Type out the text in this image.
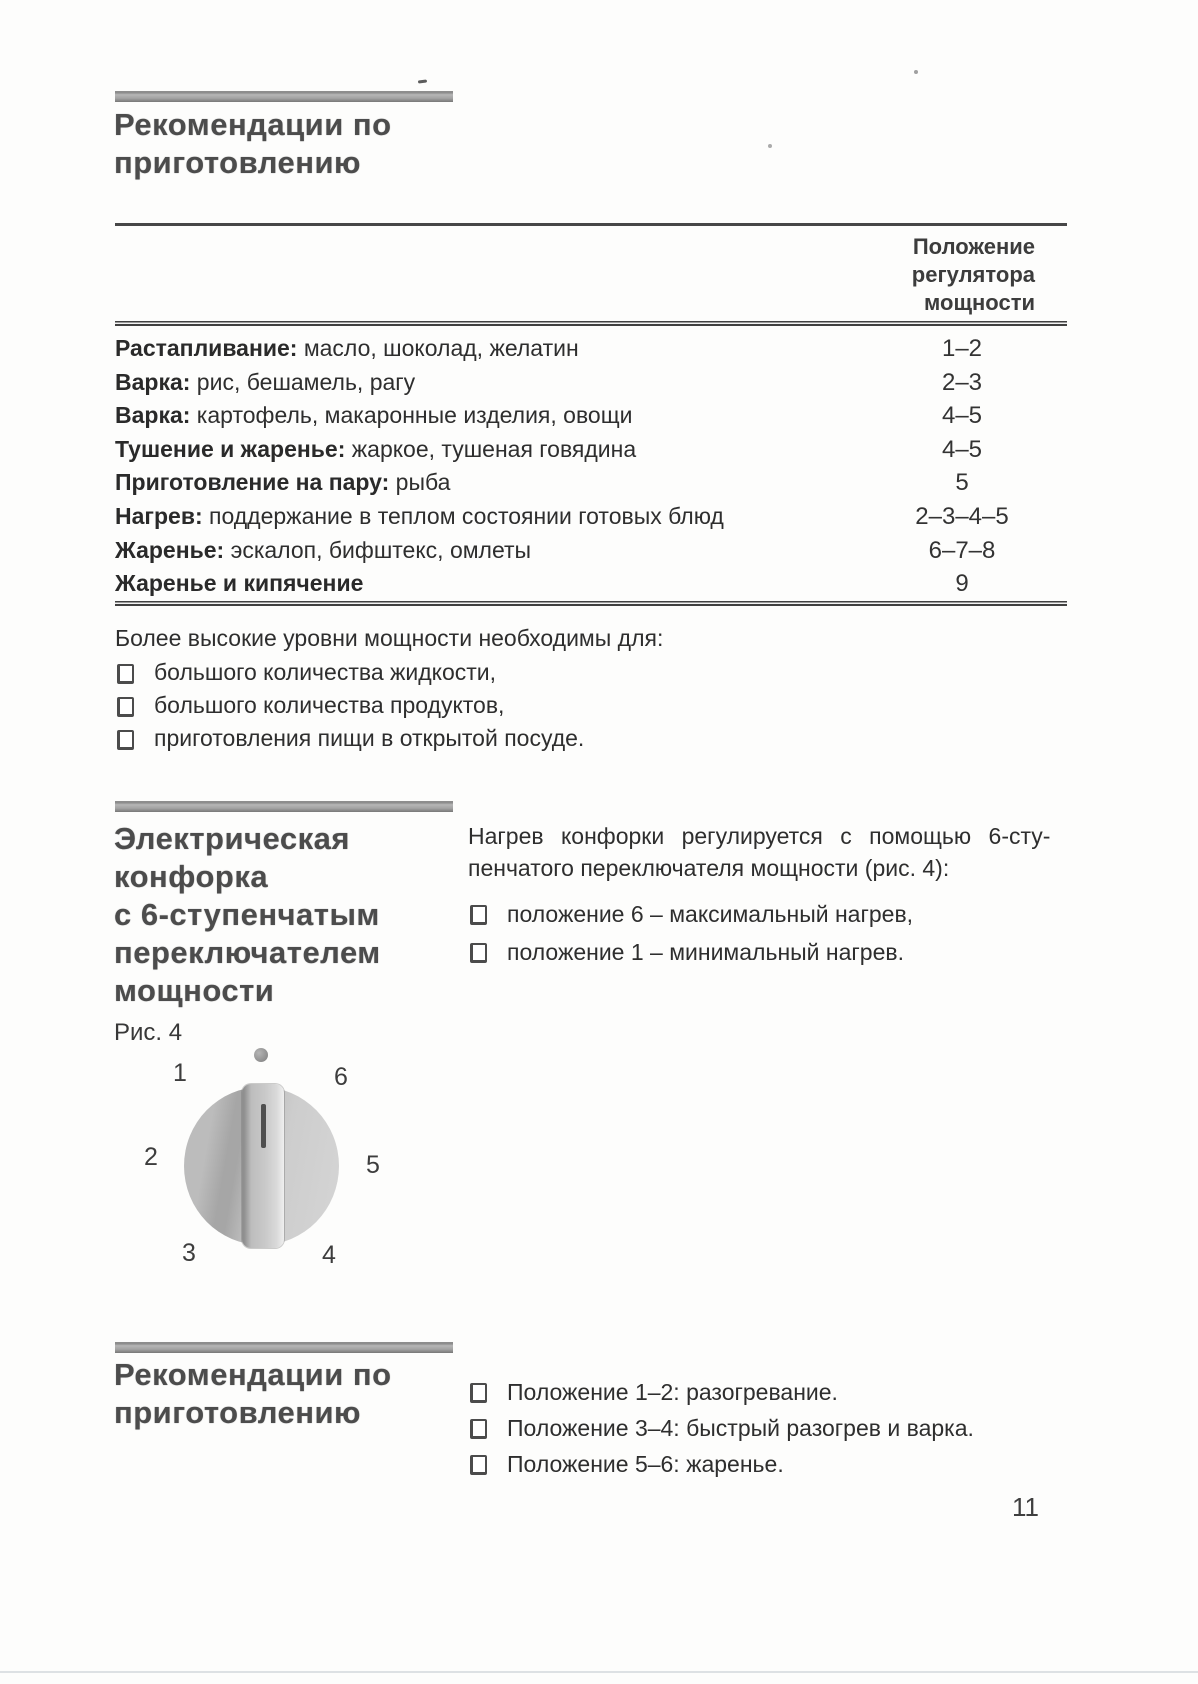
Рекомендации по
приготовлению
Положение
регулятора
мощности
Растапливание: масло, шоколад, желатин	1–2
Варка: рис, бешамель, рагу	2–3
Варка: картофель, макаронные изделия, овощи	4–5
Тушение и жаренье: жаркое, тушеная говядина	4–5
Приготовление на пару: рыба	5
Нагрев: поддержание в теплом состоянии готовых блюд	2–3–4–5
Жаренье: эскалоп, бифштекс, омлеты	6–7–8
Жаренье и кипячение	9
Более высокие уровни мощности необходимы для:
большого количества жидкости,
большого количества продуктов,
приготовления пищи в открытой посуде.
Электрическая
конфорка
с 6-ступенчатым
переключателем
мощности
Нагрев конфорки регулируется с помощью 6-сту-
пенчатого переключателя мощности (рис. 4):
положение 6 – максимальный нагрев,
положение 1 – минимальный нагрев.
Рис. 4
1
2
3	4
5
6
Рекомендации по
приготовлению
Положение 1–2: разогревание.
Положение 3–4: быстрый разогрев и варка.
Положение 5–6: жаренье.
11
